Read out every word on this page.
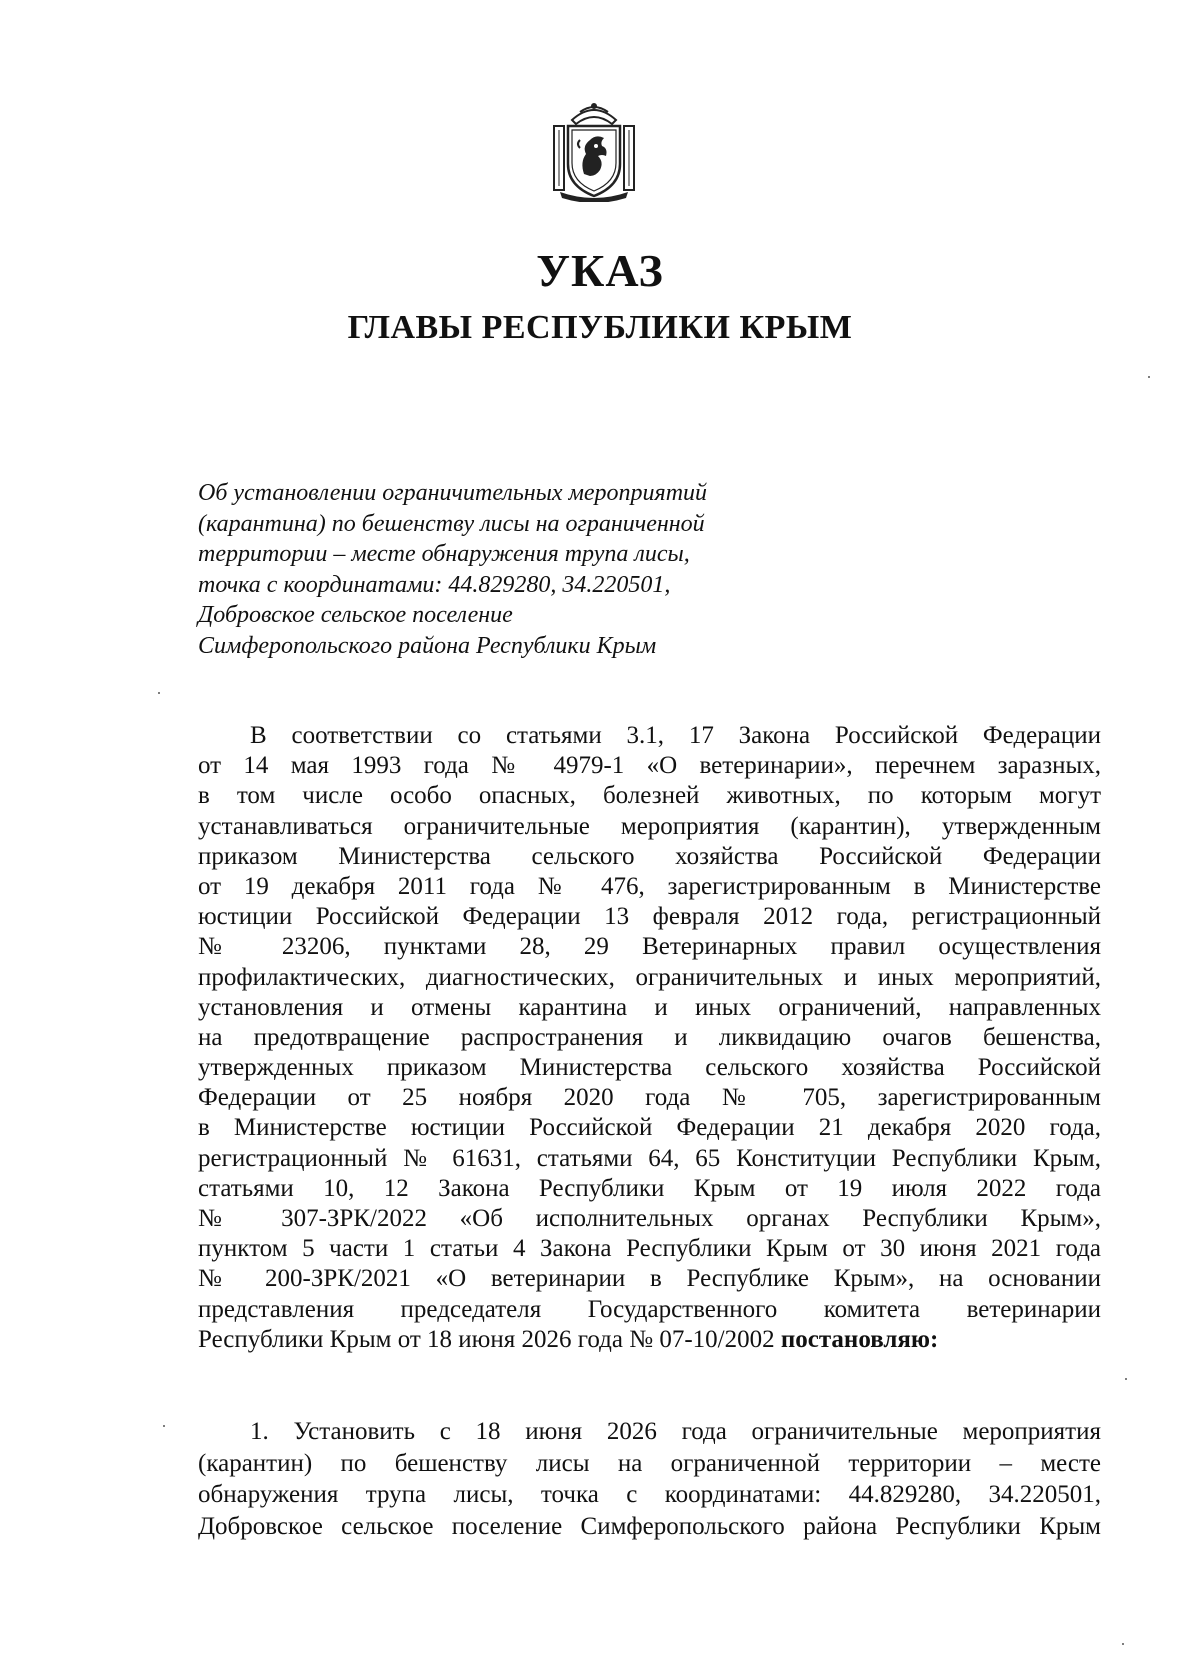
УКАЗ
ГЛАВЫ РЕСПУБЛИКИ КРЫМ
Об установлении ограничительных мероприятий
(карантина) по бешенству лисы на ограниченной
территории – месте обнаружения трупа лисы,
точка с координатами: 44.829280, 34.220501,
Добровское сельское поселение
Симферопольского района Республики Крым
В соответствии со статьями 3.1, 17 Закона Российской Федерации
от 14 мая 1993 года № 4979-1 «О ветеринарии», перечнем заразных,
в том числе особо опасных, болезней животных, по которым могут
устанавливаться ограничительные мероприятия (карантин), утвержденным
приказом Министерства сельского хозяйства Российской Федерации
от 19 декабря 2011 года № 476, зарегистрированным в Министерстве
юстиции Российской Федерации 13 февраля 2012 года, регистрационный
№ 23206, пунктами 28, 29 Ветеринарных правил осуществления
профилактических, диагностических, ограничительных и иных мероприятий,
установления и отмены карантина и иных ограничений, направленных
на предотвращение распространения и ликвидацию очагов бешенства,
утвержденных приказом Министерства сельского хозяйства Российской
Федерации от 25 ноября 2020 года № 705, зарегистрированным
в Министерстве юстиции Российской Федерации 21 декабря 2020 года,
регистрационный № 61631, статьями 64, 65 Конституции Республики Крым,
статьями 10, 12 Закона Республики Крым от 19 июля 2022 года
№ 307-ЗРК/2022 «Об исполнительных органах Республики Крым»,
пунктом 5 части 1 статьи 4 Закона Республики Крым от 30 июня 2021 года
№ 200-ЗРК/2021 «О ветеринарии в Республике Крым», на основании
представления председателя Государственного комитета ветеринарии
Республики Крым от 18 июня 2026 года № 07-10/2002 постановляю:
1. Установить с 18 июня 2026 года ограничительные мероприятия
(карантин) по бешенству лисы на ограниченной территории – месте
обнаружения трупа лисы, точка с координатами: 44.829280, 34.220501,
Добровское сельское поселение Симферопольского района Республики Крым
